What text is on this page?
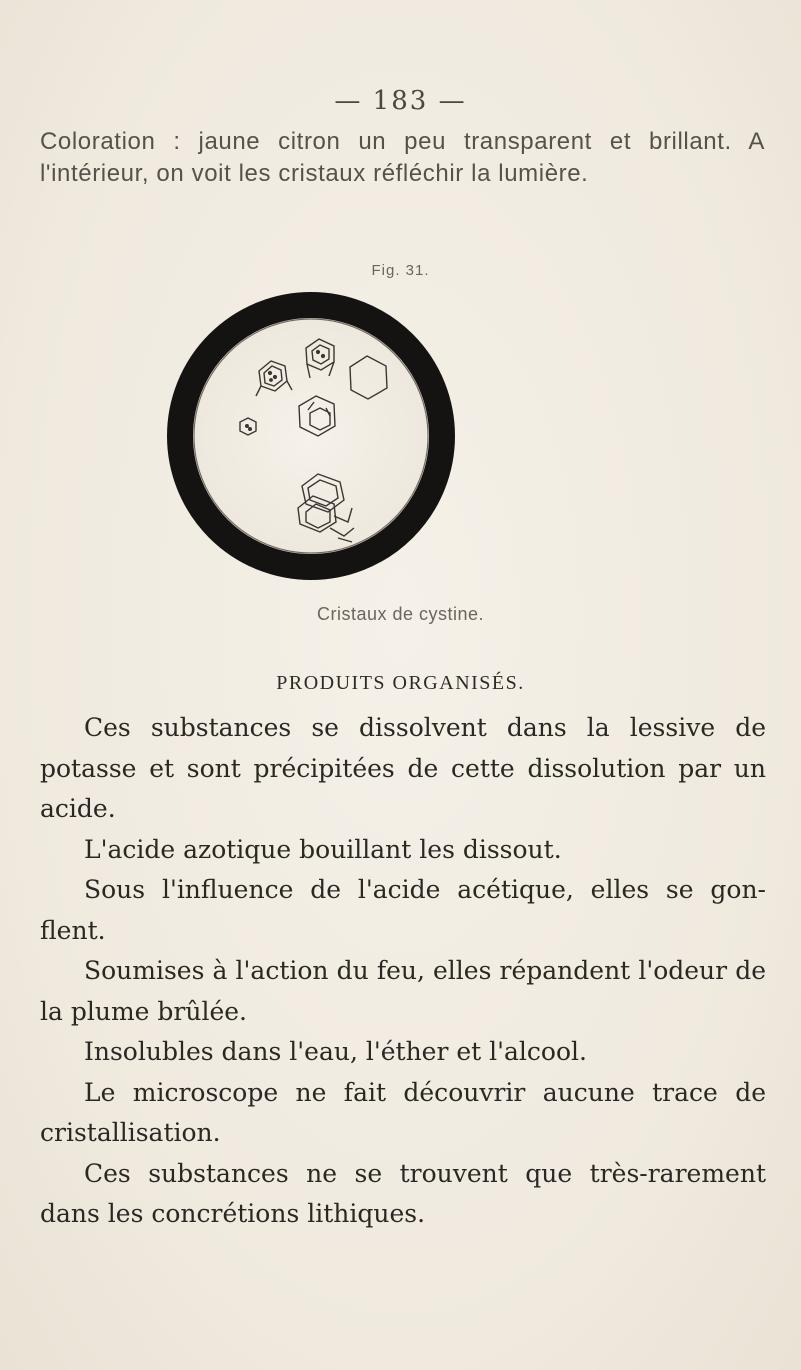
— 183 —
Coloration : jaune citron un peu transparent et brillant. A l'intérieur, on voit les cristaux réfléchir la lumière.
Fig. 31.
Cristaux de cystine.
PRODUITS ORGANISÉS.

Ces substances se dissolvent dans la lessive de potasse et sont précipitées de cette dissolution par un acide.

L'acide azotique bouillant les dissout.

Sous l'influence de l'acide acétique, elles se gon-flent.

Soumises à l'action du feu, elles répandent l'odeur de la plume brûlée.

Insolubles dans l'eau, l'éther et l'alcool.

Le microscope ne fait découvrir aucune trace de cristallisation.

Ces substances ne se trouvent que très-rarement dans les concrétions lithiques.
